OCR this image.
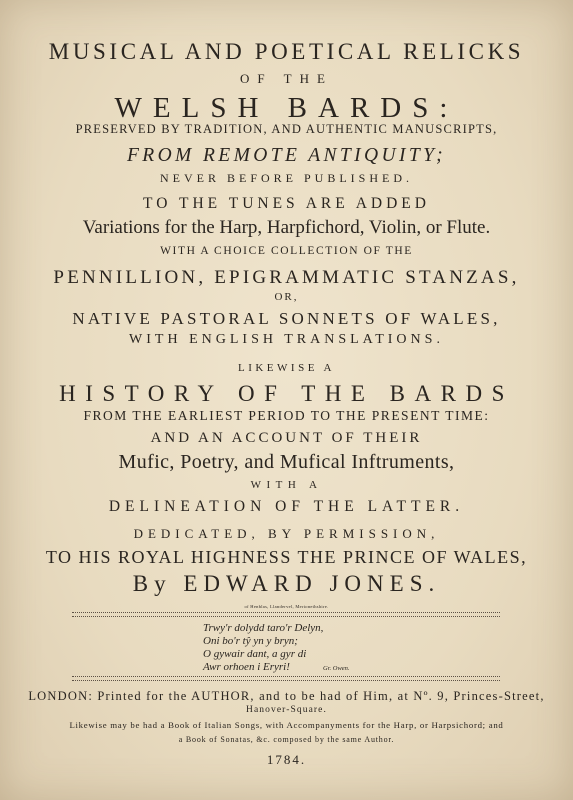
MUSICAL AND POETICAL RELICKS
OF THE
WELSH BARDS:
PRESERVED BY TRADITION, AND AUTHENTIC MANUSCRIPTS,
FROM REMOTE ANTIQUITY;
NEVER BEFORE PUBLISHED.
TO THE TUNES ARE ADDED
Variations for the Harp, Harpfichord, Violin, or Flute.
WITH A CHOICE COLLECTION OF THE
PENNILLION, EPIGRAMMATIC STANZAS,
OR,
NATIVE PASTORAL SONNETS OF WALES,
WITH ENGLISH TRANSLATIONS.
LIKEWISE A
HISTORY OF THE BARDS
FROM THE EARLIEST PERIOD TO THE PRESENT TIME:
AND AN ACCOUNT OF THEIR
Mufic, Poetry, and Mufical Inftruments,
WITH A
DELINEATION OF THE LATTER.
DEDICATED, BY PERMISSION,
TO HIS ROYAL HIGHNESS THE PRINCE OF WALES,
By EDWARD JONES.
of Henblas, Llandervel, Merionethshire.
Trwy'r dolydd taro'r Delyn,
Oni bo'r tŷ yn y bryn;
O gywair dant, a gyr di
Awr orhoen i Eryri!	Gr. Owen.
LONDON: Printed for the AUTHOR, and to be had of Him, at Nº. 9, Princes-Street,
Hanover-Square.
Likewise may be had a Book of Italian Songs, with Accompanyments for the Harp, or Harpsichord; and
a Book of Sonatas, &c. composed by the same Author.
1784.
